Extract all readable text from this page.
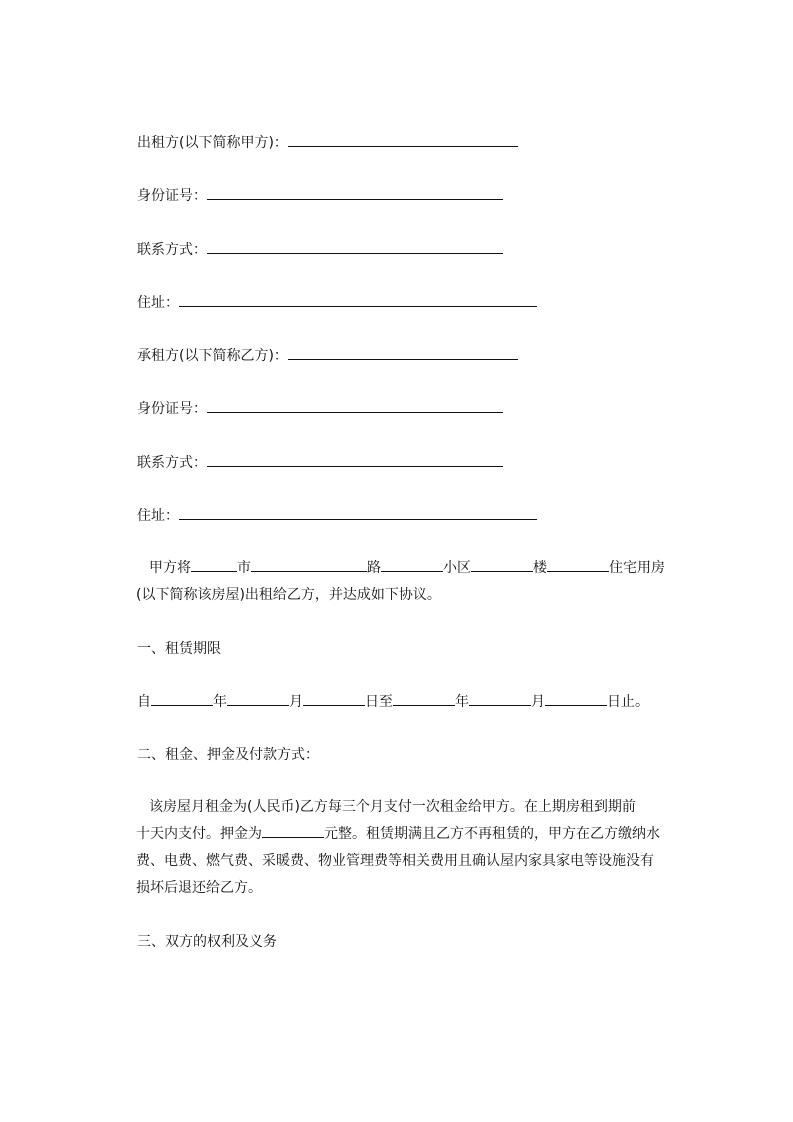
出租方(以下简称甲方)：
身份证号：
联系方式：
住址：
承租方(以下简称乙方)：
身份证号：
联系方式：
住址：
甲方将	市	路	小区	楼	住宅用房
(以下简称该房屋)出租给乙方，并达成如下协议。
一、租赁期限
自	年	月	日至	年	月	日止。
二、租金、押金及付款方式：
该房屋月租金为(人民币)乙方每三个月支付一次租金给甲方。在上期房租到期前
十天内支付。押金为	元整。租赁期满且乙方不再租赁的，甲方在乙方缴纳水
费、电费、燃气费、采暖费、物业管理费等相关费用且确认屋内家具家电等设施没有
损坏后退还给乙方。
三、双方的权利及义务
